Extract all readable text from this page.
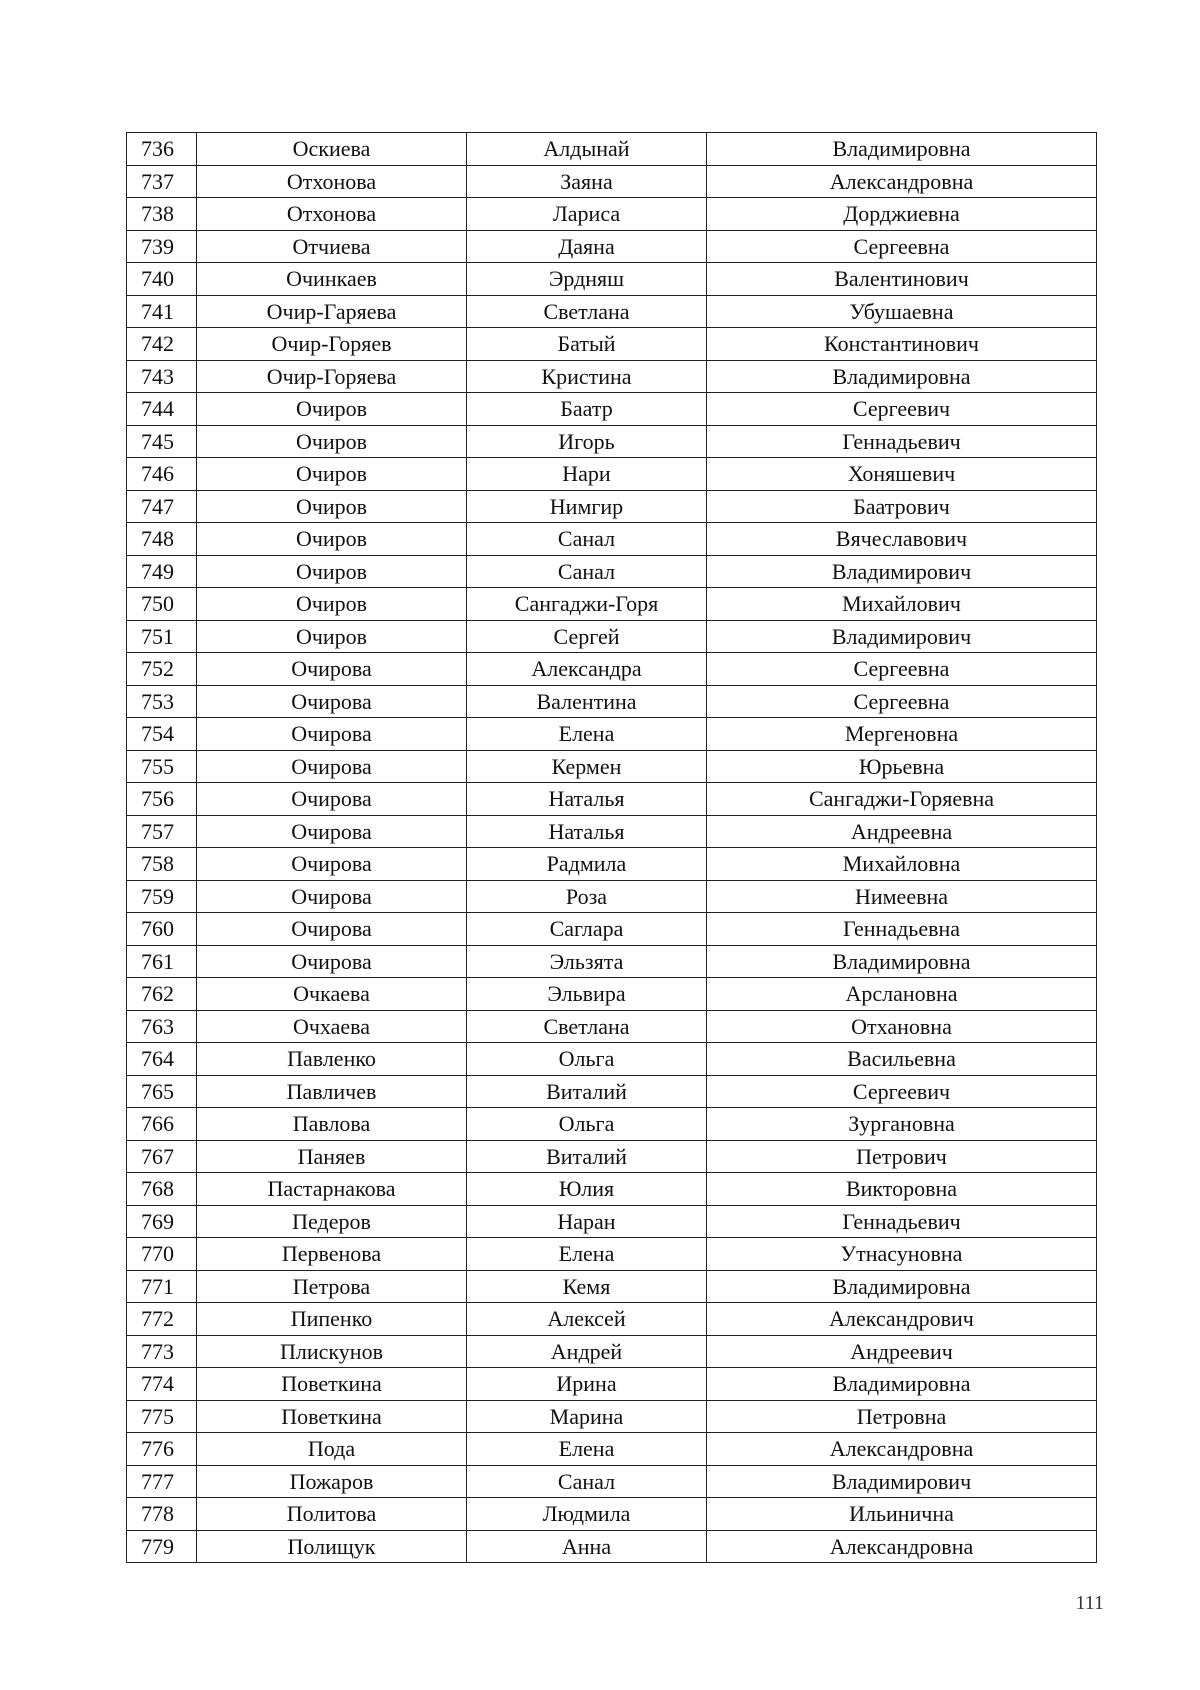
736	Оскиева	Алдынай	Владимировна
737	Отхонова	Заяна	Александровна
738	Отхонова	Лариса	Дорджиевна
739	Отчиева	Даяна	Сергеевна
740	Очинкаев	Эрдняш	Валентинович
741	Очир-Гаряева	Светлана	Убушаевна
742	Очир-Горяев	Батый	Константинович
743	Очир-Горяева	Кристина	Владимировна
744	Очиров	Баатр	Сергеевич
745	Очиров	Игорь	Геннадьевич
746	Очиров	Нари	Хоняшевич
747	Очиров	Нимгир	Баатрович
748	Очиров	Санал	Вячеславович
749	Очиров	Санал	Владимирович
750	Очиров	Сангаджи-Горя	Михайлович
751	Очиров	Сергей	Владимирович
752	Очирова	Александра	Сергеевна
753	Очирова	Валентина	Сергеевна
754	Очирова	Елена	Мергеновна
755	Очирова	Кермен	Юрьевна
756	Очирова	Наталья	Сангаджи-Горяевна
757	Очирова	Наталья	Андреевна
758	Очирова	Радмила	Михайловна
759	Очирова	Роза	Нимеевна
760	Очирова	Саглара	Геннадьевна
761	Очирова	Эльзята	Владимировна
762	Очкаева	Эльвира	Арслановна
763	Очхаева	Светлана	Отхановна
764	Павленко	Ольга	Васильевна
765	Павличев	Виталий	Сергеевич
766	Павлова	Ольга	Зургановна
767	Паняев	Виталий	Петрович
768	Пастарнакова	Юлия	Викторовна
769	Педеров	Наран	Геннадьевич
770	Первенова	Елена	Утнасуновна
771	Петрова	Кемя	Владимировна
772	Пипенко	Алексей	Александрович
773	Плискунов	Андрей	Андреевич
774	Поветкина	Ирина	Владимировна
775	Поветкина	Марина	Петровна
776	Пода	Елена	Александровна
777	Пожаров	Санал	Владимирович
778	Политова	Людмила	Ильинична
779	Полищук	Анна	Александровна
111
